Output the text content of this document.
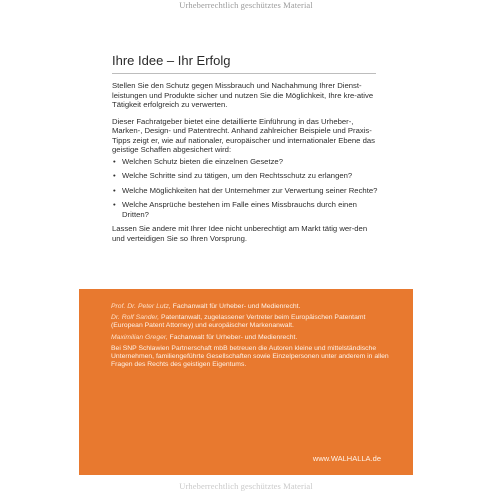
Urheberrechtlich geschütztes Material
Ihre Idee – Ihr Erfolg

Stellen Sie den Schutz gegen Missbrauch und Nachahmung Ihrer Dienst-leistungen und Produkte sicher und nutzen Sie die Möglichkeit, Ihre kre-ative Tätigkeit erfolgreich zu verwerten.

Dieser Fachratgeber bietet eine detaillierte Einführung in das Urheber-, Marken-, Design- und Patentrecht. Anhand zahlreicher Beispiele und Praxis-Tipps zeigt er, wie auf nationaler, europäischer und internationaler Ebene das geistige Schaffen abgesichert wird:

• Welchen Schutz bieten die einzelnen Gesetze?
• Welche Schritte sind zu tätigen, um den Rechtsschutz zu erlangen?
• Welche Möglichkeiten hat der Unternehmer zur Verwertung seiner Rechte?
• Welche Ansprüche bestehen im Falle eines Missbrauchs durch einen Dritten?

Lassen Sie andere mit Ihrer Idee nicht unberechtigt am Markt tätig wer-den und verteidigen Sie so Ihren Vorsprung.

Prof. Dr. Peter Lutz, Fachanwalt für Urheber- und Medienrecht.

Dr. Rolf Sander, Patentanwalt, zugelassener Vertreter beim Europäischen Patentamt (European Patent Attorney) und europäischer Markenanwalt.

Maximilian Greger, Fachanwalt für Urheber- und Medienrecht.

Bei SNP Schlawien Partnerschaft mbB betreuen die Autoren kleine und mittelständische Unternehmen, familiengeführte Gesellschaften sowie Einzelpersonen unter anderem in allen Fragen des Rechts des geistigen Eigentums.

www.WALHALLA.de
Urheberrechtlich geschütztes Material
